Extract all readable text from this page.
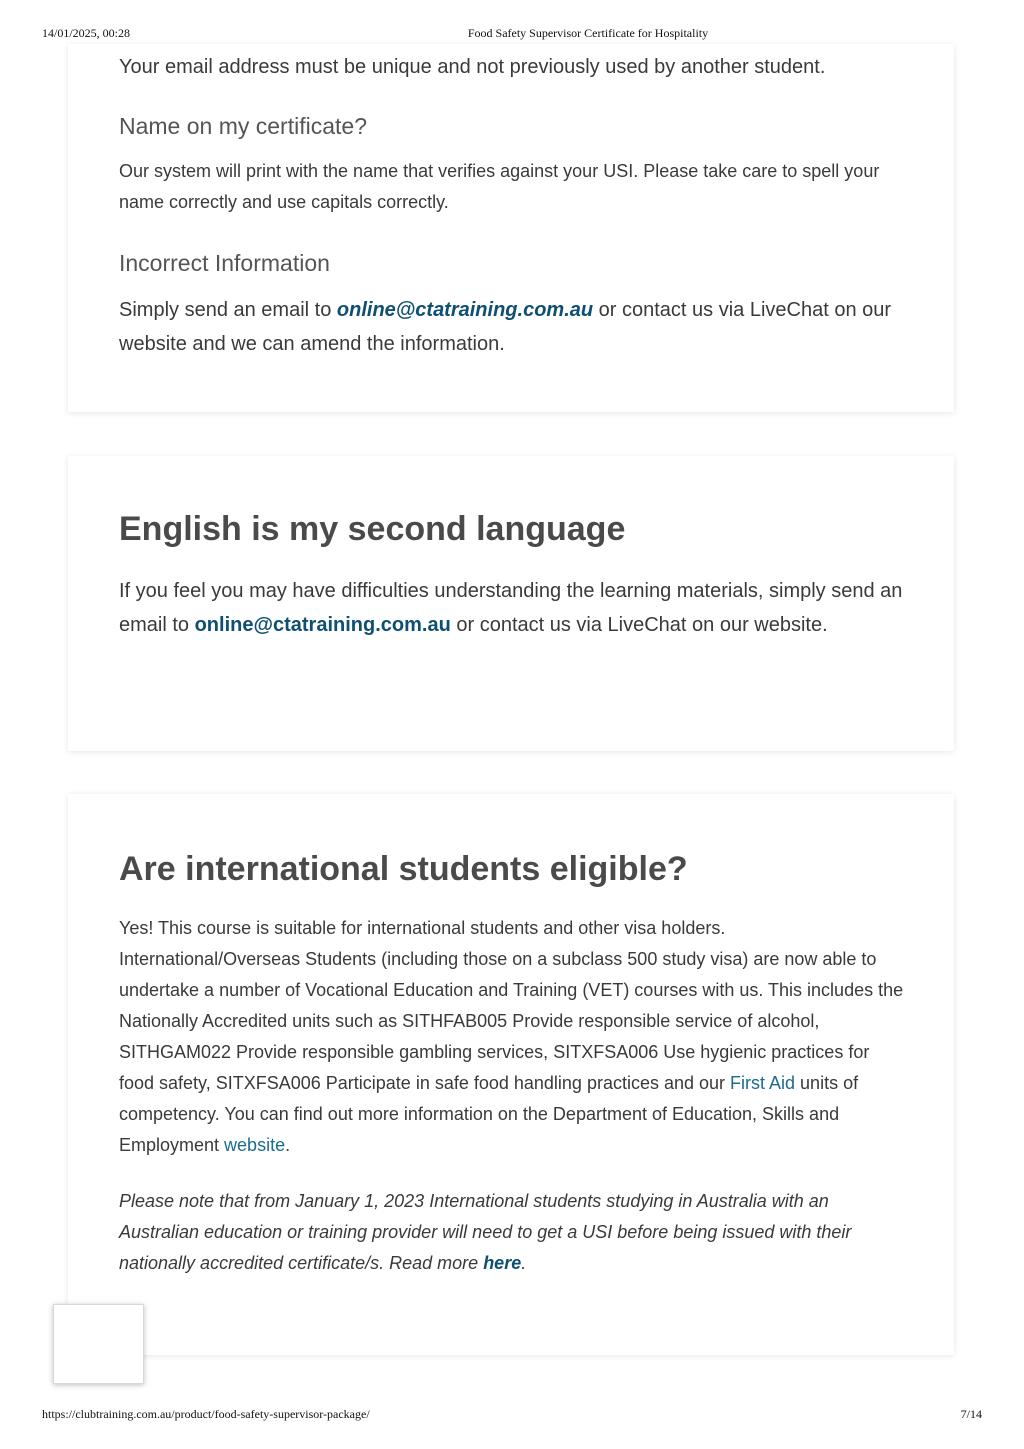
14/01/2025, 00:28	Food Safety Supervisor Certificate for Hospitality

Your email address must be unique and not previously used by another student.

Name on my certificate?

Our system will print with the name that verifies against your USI. Please take care to spell your name correctly and use capitals correctly.

Incorrect Information

Simply send an email to online@ctatraining.com.au or contact us via LiveChat on our website and we can amend the information.

English is my second language

If you feel you may have difficulties understanding the learning materials, simply send an email to online@ctatraining.com.au or contact us via LiveChat on our website.

Are international students eligible?

Yes! This course is suitable for international students and other visa holders. International/Overseas Students (including those on a subclass 500 study visa) are now able to undertake a number of Vocational Education and Training (VET) courses with us. This includes the Nationally Accredited units such as SITHFAB005 Provide responsible service of alcohol, SITHGAM022 Provide responsible gambling services, SITXFSA006 Use hygienic practices for food safety, SITXFSA006 Participate in safe food handling practices and our First Aid units of competency. You can find out more information on the Department of Education, Skills and Employment website.

Please note that from January 1, 2023 International students studying in Australia with an Australian education or training provider will need to get a USI before being issued with their nationally accredited certificate/s. Read more here.

https://clubtraining.com.au/product/food-safety-supervisor-package/	7/14
